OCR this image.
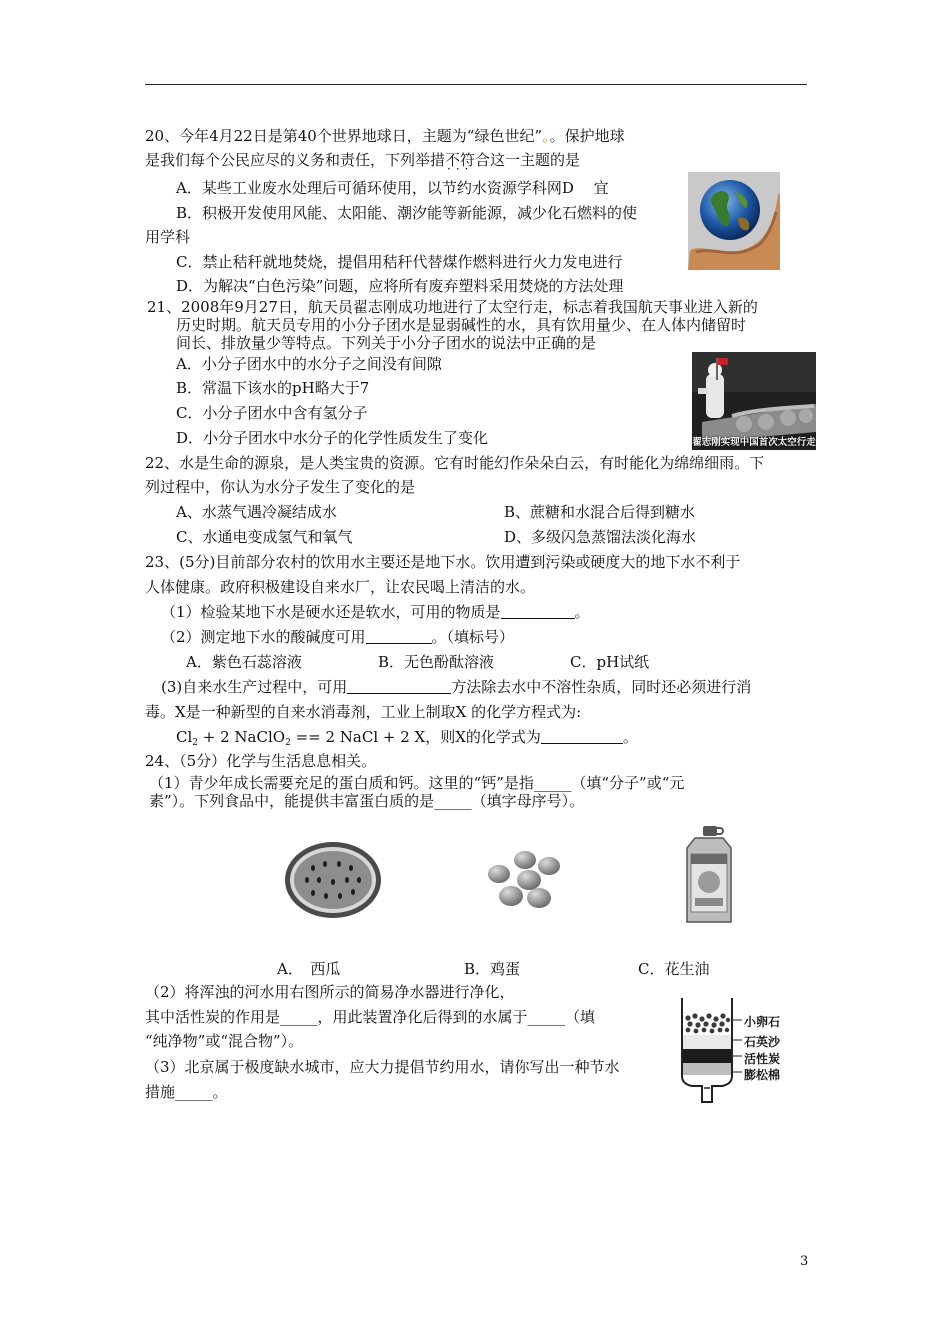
20、今年4月22日是第40个世界地球日，主题为“绿色世纪”。。保护地球
是我们每个公民应尽的义务和责任，下列举措不符合 ···这一主题的是
A．某些工业废水处理后可循环使用，以节约水资源学科网D　 宜
B．积极开发使用风能、太阳能、潮汐能等新能源，减少化石燃料的使
用学科
C．禁止秸秆就地焚烧，提倡用秸秆代替煤作燃料进行火力发电进行
D．为解决“白色污染”问题，应将所有废弃塑料采用焚烧的方法处理
21、2008年9月27日，航天员翟志刚成功地进行了太空行走，标志着我国航天事业进入新的
历史时期。航天员专用的小分子团水是显弱碱性的水，具有饮用量少、在人体内储留时
间长、排放量少等特点。下列关于小分子团水的说法中正确的是
A．小分子团水中的水分子之间没有间隙
B．常温下该水的pH略大于7
C．小分子团水中含有氢分子
D．小分子团水中水分子的化学性质发生了变化	翟志刚实现中国首次太空行走
22、水是生命的源泉，是人类宝贵的资源。它有时能幻作朵朵白云，有时能化为绵绵细雨。下
列过程中，你认为水分子发生了变化的是
A、水蒸气遇冷凝结成水	B、蔗糖和水混合后得到糖水
C、水通电变成氢气和氧气	D、多级闪急蒸馏法淡化海水
23、(5分)目前部分农村的饮用水主要还是地下水。饮用遭到污染或硬度大的地下水不利于
人体健康。政府积极建设自来水厂，让农民喝上清洁的水。
（1）检验某地下水是硬水还是软水，可用的物质是	。
（2）测定地下水的酸碱度可用	。（填标号）
A．紫色石蕊溶液	B．无色酚酞溶液	C．pH试纸
(3)自来水生产过程中，可用	方法除去水中不溶性杂质，同时还必须进行消
毒。X是一种新型的自来水消毒剂，工业上制取X 的化学方程式为:
$Cl_2 + 2$ NaClO$_2$ == 2 NaCl + 2 X，则X的化学式为	。
24、（5分）化学与生活息息相关。
（1）青少年成长需要充足的蛋白质和钙。这里的“钙”是指_____（填“分子”或“元
素”）。下列食品中，能提供丰富蛋白质的是_____（填字母序号）。
A．　西瓜	B．鸡蛋	C．花生油
（2）将浑浊的河水用右图所示的简易净水器进行净化，
其中活性炭的作用是_____，用此装置净化后得到的水属于_____（填
“纯净物”或“混合物”）。
（3）北京属于极度缺水城市，应大力提倡节约用水，请你写出一种节水
措施_____。
小卵石
石英沙
活性炭
膨松棉
3
